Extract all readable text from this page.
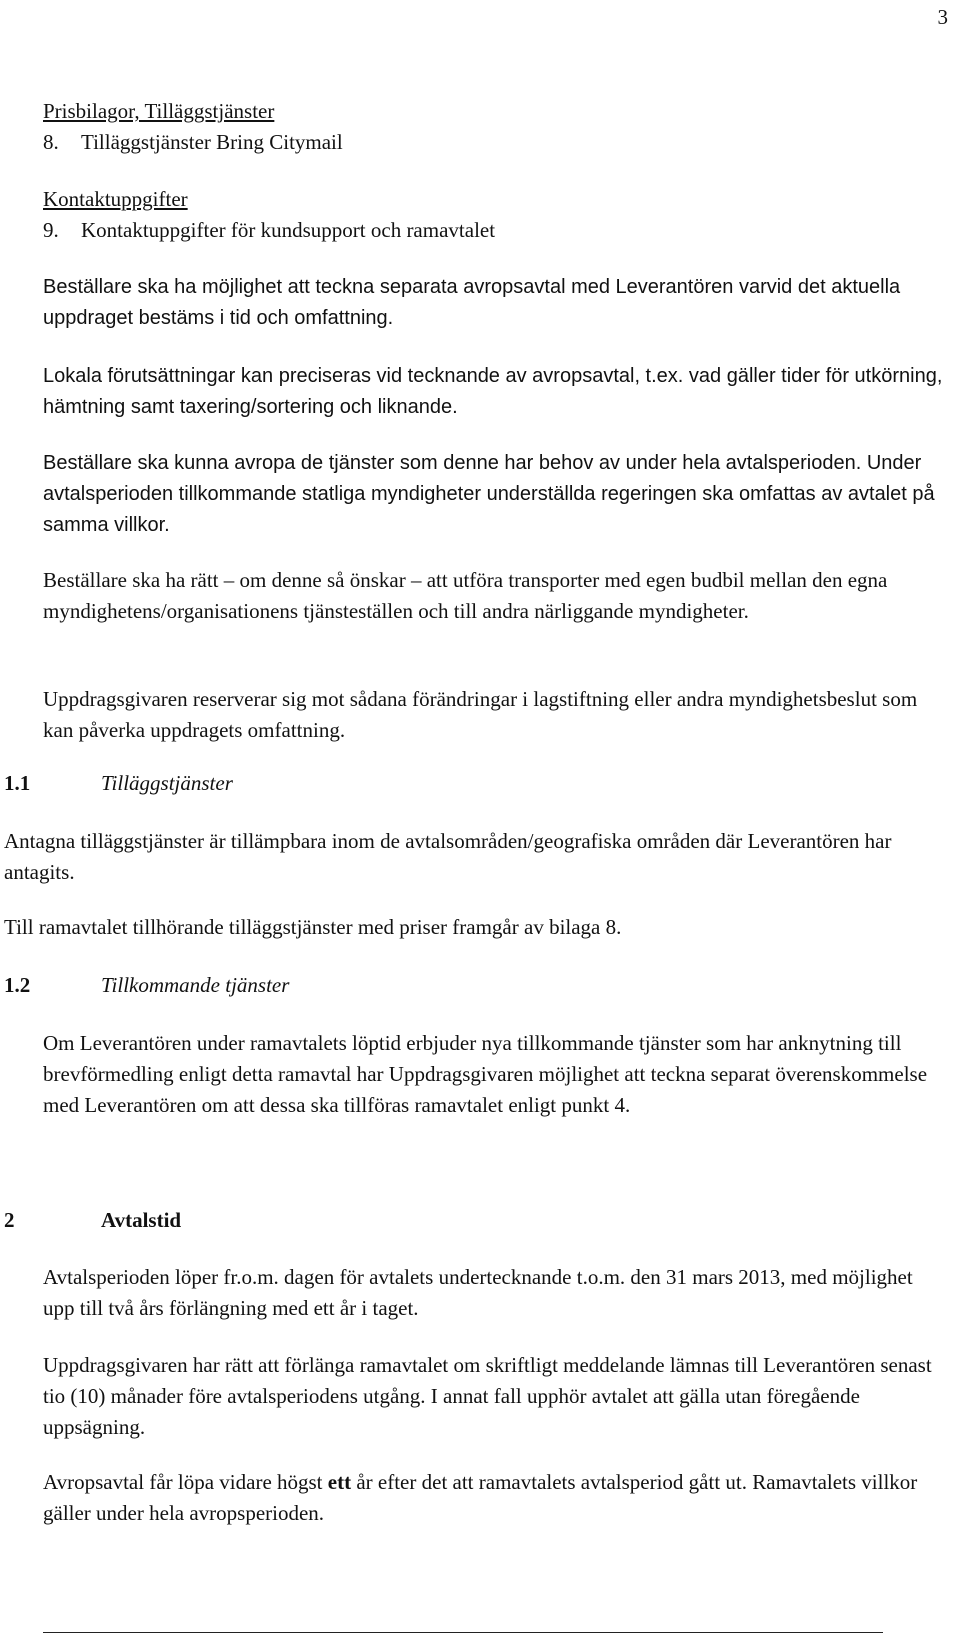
3
Prisbilagor, Tilläggstjänster
8. Tilläggstjänster Bring Citymail
Kontaktuppgifter
9. Kontaktuppgifter för kundsupport och ramavtalet

Beställare ska ha möjlighet att teckna separata avropsavtal med Leverantören varvid det aktuella uppdraget bestäms i tid och omfattning.

Lokala förutsättningar kan preciseras vid tecknande av avropsavtal, t.ex. vad gäller tider för utkörning, hämtning samt taxering/sortering och liknande.

Beställare ska kunna avropa de tjänster som denne har behov av under hela avtalsperioden. Under avtalsperioden tillkommande statliga myndigheter underställda regeringen ska omfattas av avtalet på samma villkor.

Beställare ska ha rätt – om denne så önskar – att utföra transporter med egen budbil mellan den egna myndighetens/organisationens tjänsteställen och till andra närliggande myndigheter.

Uppdragsgivaren reserverar sig mot sådana förändringar i lagstiftning eller andra myndighetsbeslut som kan påverka uppdragets omfattning.

1.1	Tilläggstjänster

Antagna tilläggstjänster är tillämpbara inom de avtalsområden/geografiska områden där Leverantören har antagits.

Till ramavtalet tillhörande tilläggstjänster med priser framgår av bilaga 8.

1.2	Tillkommande tjänster

Om Leverantören under ramavtalets löptid erbjuder nya tillkommande tjänster som har anknytning till brevförmedling enligt detta ramavtal har Uppdragsgivaren möjlighet att teckna separat överenskommelse med Leverantören om att dessa ska tillföras ramavtalet enligt punkt 4.

2	Avtalstid

Avtalsperioden löper fr.o.m. dagen för avtalets undertecknande t.o.m. den 31 mars 2013, med möjlighet upp till två års förlängning med ett år i taget.

Uppdragsgivaren har rätt att förlänga ramavtalet om skriftligt meddelande lämnas till Leverantören senast tio (10) månader före avtalsperiodens utgång. I annat fall upphör avtalet att gälla utan föregående uppsägning.

Avropsavtal får löpa vidare högst ett år efter det att ramavtalets avtalsperiod gått ut. Ramavtalets villkor gäller under hela avropsperioden.
